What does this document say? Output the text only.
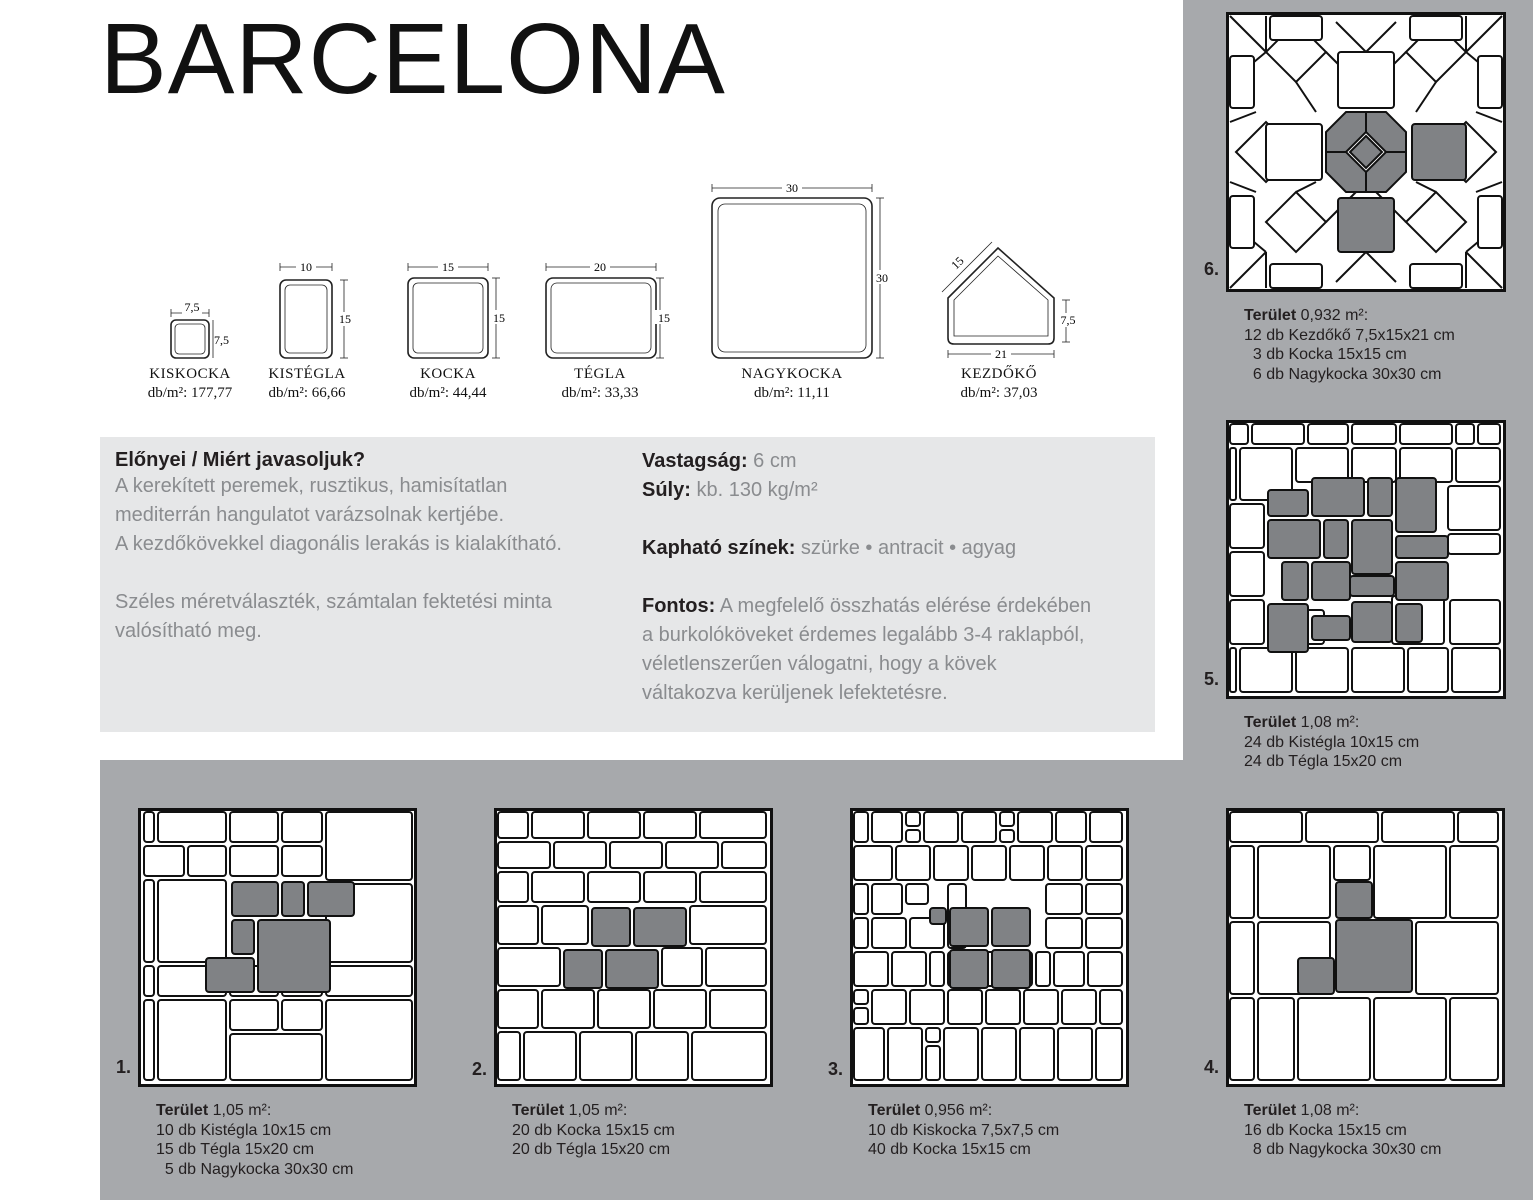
BARCELONA
7,5
7,5
10
15
15
15
20
15
30
30
15
7,5
21
KISKOCKA
db/m²: 177,77
KISTÉGLA
db/m²: 66,66
KOCKA
db/m²: 44,44
TÉGLA
db/m²: 33,33
NAGYKOCKA
db/m²: 11,11
KEZDŐKŐ
db/m²: 37,03
Előnyei / Miért javasoljuk?
A kerekített peremek, rusztikus, hamisítatlan
mediterrán hangulatot varázsolnak kertjébe.
A kezdőkövekkel diagonális lerakás is kialakítható.
Széles méretválaszték, számtalan fektetési minta
valósítható meg.
Vastagság: 6 cm
Súly: kb. 130 kg/m²
Kapható színek: szürke • antracit • agyag
Fontos: A megfelelő összhatás elérése érdekében
a burkolóköveket érdemes legalább 3-4 raklapból,
véletlenszerűen válogatni, hogy a kövek
váltakozva kerüljenek lefektetésre.
1.
Terület 1,05 m²:
10 db Kistégla 10x15 cm
15 db Tégla 15x20 cm
5 db Nagykocka 30x30 cm
2.
Terület 1,05 m²:
20 db Kocka 15x15 cm
20 db Tégla 15x20 cm
3.
Terület 0,956 m²:
10 db Kiskocka 7,5x7,5 cm
40 db Kocka 15x15 cm
4.
Terület 1,08 m²:
16 db Kocka 15x15 cm
8 db Nagykocka 30x30 cm
5.
Terület 1,08 m²:
24 db Kistégla 10x15 cm
24 db Tégla 15x20 cm
6.
Terület 0,932 m²:
12 db Kezdőkő 7,5x15x21 cm
3 db Kocka 15x15 cm
6 db Nagykocka 30x30 cm
